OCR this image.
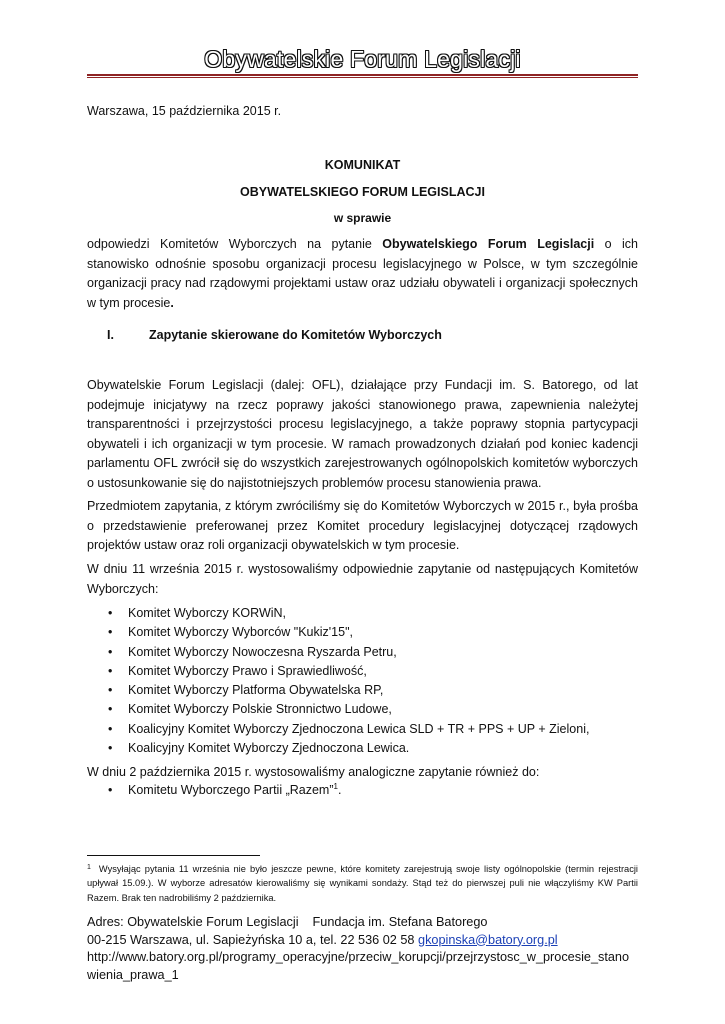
Obywatelskie Forum Legislacji
Warszawa, 15 października 2015 r.
KOMUNIKAT
OBYWATELSKIEGO FORUM LEGISLACJI
w sprawie
odpowiedzi Komitetów Wyborczych na pytanie Obywatelskiego Forum Legislacji o ich stanowisko odnośnie sposobu organizacji procesu legislacyjnego w Polsce, w tym szczególnie organizacji pracy nad rządowymi projektami ustaw oraz udziału obywateli i organizacji społecznych w tym procesie.
I.	Zapytanie skierowane do Komitetów Wyborczych
Obywatelskie Forum Legislacji (dalej: OFL), działające przy Fundacji im. S. Batorego, od lat podejmuje inicjatywy na rzecz poprawy jakości stanowionego prawa, zapewnienia należytej transparentności i przejrzystości procesu legislacyjnego, a także poprawy stopnia partycypacji obywateli i ich organizacji w tym procesie. W ramach prowadzonych działań pod koniec kadencji parlamentu OFL zwrócił się do wszystkich zarejestrowanych ogólnopolskich komitetów wyborczych o ustosunkowanie się do najistotniejszych problemów procesu stanowienia prawa.
Przedmiotem zapytania, z którym zwróciliśmy się do Komitetów Wyborczych w 2015 r., była prośba o przedstawienie preferowanej przez Komitet procedury legislacyjnej dotyczącej rządowych projektów ustaw oraz roli organizacji obywatelskich w tym procesie.
W dniu 11 września 2015 r. wystosowaliśmy odpowiednie zapytanie od następujących Komitetów Wyborczych:
• Komitet Wyborczy KORWiN,
• Komitet Wyborczy Wyborców "Kukiz'15",
• Komitet Wyborczy Nowoczesna Ryszarda Petru,
• Komitet Wyborczy Prawo i Sprawiedliwość,
• Komitet Wyborczy Platforma Obywatelska RP,
• Komitet Wyborczy Polskie Stronnictwo Ludowe,
• Koalicyjny Komitet Wyborczy Zjednoczona Lewica SLD + TR + PPS + UP + Zieloni,
• Koalicyjny Komitet Wyborczy Zjednoczona Lewica.
W dniu 2 października 2015 r. wystosowaliśmy analogiczne zapytanie również do:
• Komitetu Wyborczego Partii „Razem”$^1$.
$^1$ Wysyłając pytania 11 września nie było jeszcze pewne, które komitety zarejestrują swoje listy ogólnopolskie (termin rejestracji upływał 15.09.). W wyborze adresatów kierowaliśmy się wynikami sondaży. Stąd też do pierwszej puli nie włączyliśmy KW Partii Razem. Brak ten nadrobiliśmy 2 października.
Adres: Obywatelskie Forum Legislacji Fundacja im. Stefana Batorego
00-215 Warszawa, ul. Sapieżyńska 10 a, tel. 22 536 02 58 gkopinska@batory.org.pl
http://www.batory.org.pl/programy_operacyjne/przeciw_korupcji/przejrzystosc_w_procesie_stano
wienia_prawa_1
